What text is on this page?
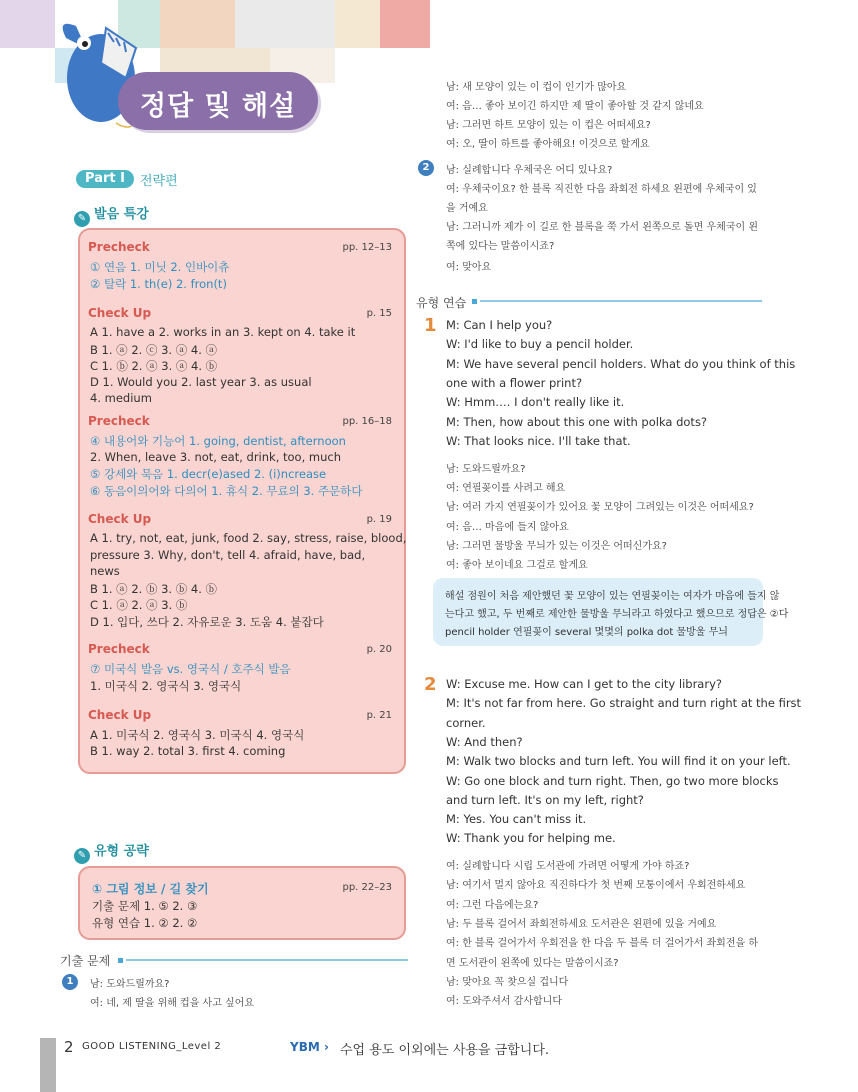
정답 및 해설
Part I	전략편
✎ 발음 특강
Precheck	pp. 12–13
① 연음 1. 미닛 2. 인바이츄
② 탈락 1. th(e) 2. fron(t)
Check Up	p. 15
A 1. have a 2. works in an 3. kept on 4. take it
B 1. ⓐ 2. ⓒ 3. ⓐ 4. ⓐ
C 1. ⓑ 2. ⓐ 3. ⓐ 4. ⓑ
D 1. Would you 2. last year 3. as usual
4. medium
Precheck	pp. 16–18
④ 내용어와 기능어 1. going, dentist, afternoon
2. When, leave 3. not, eat, drink, too, much
⑤ 강세와 묵음 1. decr(e)ased 2. (i)ncrease
⑥ 동음이의어와 다의어 1. 휴식 2. 무료의 3. 주문하다
Check Up	p. 19
A 1. try, not, eat, junk, food 2. say, stress, raise, blood,
pressure 3. Why, don't, tell 4. afraid, have, bad,
news
B 1. ⓐ 2. ⓑ 3. ⓑ 4. ⓑ
C 1. ⓐ 2. ⓐ 3. ⓑ
D 1. 입다, 쓰다 2. 자유로운 3. 도움 4. 붙잡다
Precheck	p. 20
⑦ 미국식 발음 vs. 영국식 / 호주식 발음
1. 미국식 2. 영국식 3. 영국식
Check Up	p. 21
A 1. 미국식 2. 영국식 3. 미국식 4. 영국식
B 1. way 2. total 3. first 4. coming
✎ 유형 공략
① 그림 정보 / 길 찾기	pp. 22–23
기출 문제 1. ⑤ 2. ③
유형 연습 1. ② 2. ②
기출 문제
1	남: 도와드릴까요?
여: 네, 제 딸을 위해 컵을 사고 싶어요
남: 새 모양이 있는 이 컵이 인기가 많아요
여: 음… 좋아 보이긴 하지만 제 딸이 좋아할 것 같지 않네요
남: 그러면 하트 모양이 있는 이 컵은 어떠세요?
여: 오, 딸이 하트를 좋아해요! 이것으로 할게요
2	남: 실례합니다 우체국은 어디 있나요?
여: 우체국이요? 한 블록 직진한 다음 좌회전 하세요 왼편에 우체국이 있
을 거예요
남: 그러니까 제가 이 길로 한 블록을 쭉 가서 왼쪽으로 돌면 우체국이 왼
쪽에 있다는 말씀이시죠?
여: 맞아요
유형 연습
1 M: Can I help you?
W: I'd like to buy a pencil holder.
M: We have several pencil holders. What do you think of this
one with a flower print?
W: Hmm…. I don't really like it.
M: Then, how about this one with polka dots?
W: That looks nice. I'll take that.
남: 도와드릴까요?
여: 연필꽂이를 사려고 해요
남: 여러 가지 연필꽂이가 있어요 꽃 모양이 그려있는 이것은 어떠세요?
여: 음… 마음에 들지 않아요
남: 그러면 물방울 무늬가 있는 이것은 어떠신가요?
여: 좋아 보이네요 그걸로 할게요
해설 점원이 처음 제안했던 꽃 모양이 있는 연필꽂이는 여자가 마음에 들지 않
는다고 했고, 두 번째로 제안한 물방울 무늬라고 하였다고 했으므로 정답은 ②다
pencil holder 연필꽂이 several 몇몇의 polka dot 물방울 무늬
2 W: Excuse me. How can I get to the city library?
M: It's not far from here. Go straight and turn right at the first
corner.
W: And then?
M: Walk two blocks and turn left. You will find it on your left.
W: Go one block and turn right. Then, go two more blocks
and turn left. It's on my left, right?
M: Yes. You can't miss it.
W: Thank you for helping me.
여: 실례합니다 시립 도서관에 가려면 어떻게 가야 하죠?
남: 여기서 멀지 않아요 직진하다가 첫 번째 모퉁이에서 우회전하세요
여: 그런 다음에는요?
남: 두 블록 걸어서 좌회전하세요 도서관은 왼편에 있을 거예요
여: 한 블록 걸어가서 우회전을 한 다음 두 블록 더 걸어가서 좌회전을 하
면 도서관이 왼쪽에 있다는 말씀이시죠?
남: 맞아요 꼭 찾으실 겁니다
여: 도와주셔서 감사합니다
2 GOOD LISTENING_Level 2	YBM › 수업 용도 이외에는 사용을 금합니다.
